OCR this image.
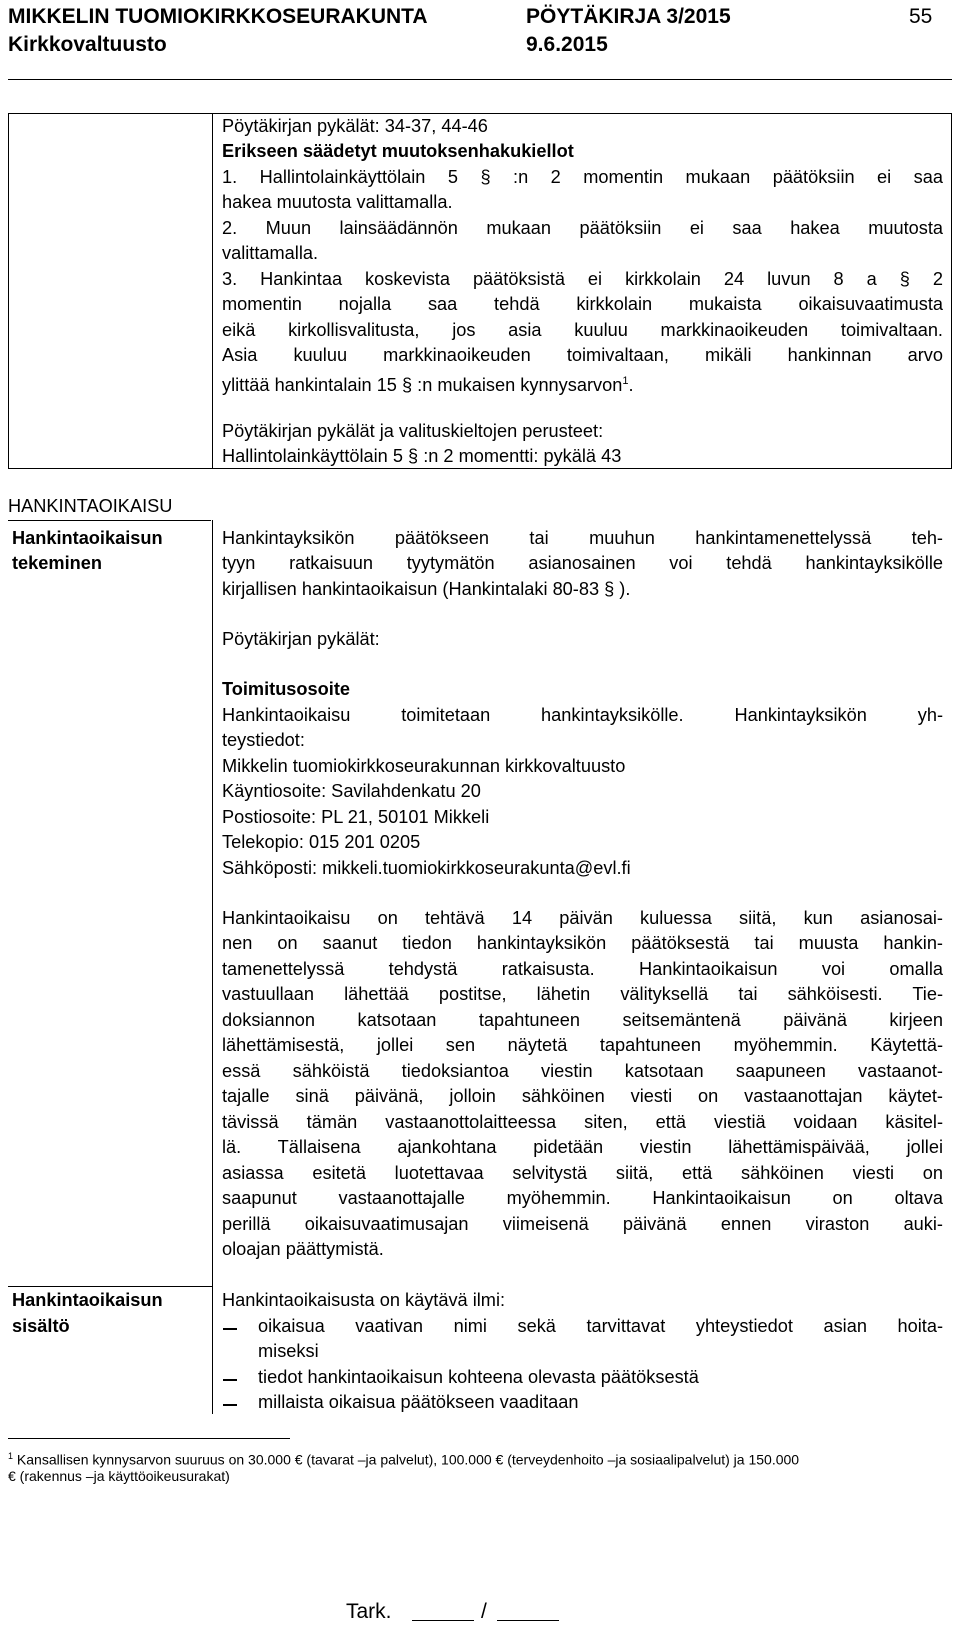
MIKKELIN TUOMIOKIRKKOSEURAKUNTA
Kirkkovaltuusto
PÖYTÄKIRJA 3/2015
9.6.2015
55
Pöytäkirjan pykälät: 34-37, 44-46
Erikseen säädetyt muutoksenhakukiellot
1. Hallintolainkäyttölain 5 § :n 2 momentin mukaan päätöksiin ei saa
hakea muutosta valittamalla.
2. Muun lainsäädännön mukaan päätöksiin ei saa hakea muutosta
valittamalla.
3. Hankintaa koskevista päätöksistä ei kirkkolain 24 luvun 8 a § 2
momentin nojalla saa tehdä kirkkolain mukaista oikaisuvaatimusta
eikä kirkollisvalitusta, jos asia kuuluu markkinaoikeuden toimivaltaan.
Asia kuuluu markkinaoikeuden toimivaltaan, mikäli hankinnan arvo
ylittää hankintalain 15 § :n mukaisen kynnysarvon$^1$.
Pöytäkirjan pykälät ja valituskieltojen perusteet:
Hallintolainkäyttölain 5 § :n 2 momentti: pykälä 43
HANKINTAOIKAISU
Hankintaoikaisun
tekeminen
Hankintayksikön päätökseen tai muuhun hankintamenettelyssä teh-
tyyn ratkaisuun tyytymätön asianosainen voi tehdä hankintayksikölle
kirjallisen hankintaoikaisun (Hankintalaki 80-83 § ).
Pöytäkirjan pykälät:
Toimitusosoite
Hankintaoikaisu toimitetaan hankintayksikölle. Hankintayksikön yh-
teystiedot:
Mikkelin tuomiokirkkoseurakunnan kirkkovaltuusto
Käyntiosoite: Savilahdenkatu 20
Postiosoite: PL 21, 50101 Mikkeli
Telekopio: 015 201 0205
Sähköposti: mikkeli.tuomiokirkkoseurakunta@evl.fi
Hankintaoikaisu on tehtävä 14 päivän kuluessa siitä, kun asianosai-
nen on saanut tiedon hankintayksikön päätöksestä tai muusta hankin-
tamenettelyssä tehdystä ratkaisusta. Hankintaoikaisun voi omalla
vastuullaan lähettää postitse, lähetin välityksellä tai sähköisesti. Tie-
doksiannon katsotaan tapahtuneen seitsemäntenä päivänä kirjeen
lähettämisestä, jollei sen näytetä tapahtuneen myöhemmin. Käytettä-
essä sähköistä tiedoksiantoa viestin katsotaan saapuneen vastaanot-
tajalle sinä päivänä, jolloin sähköinen viesti on vastaanottajan käytet-
tävissä tämän vastaanottolaitteessa siten, että viestiä voidaan käsitel-
lä. Tällaisena ajankohtana pidetään viestin lähettämispäivää, jollei
asiassa esitetä luotettavaa selvitystä siitä, että sähköinen viesti on
saapunut vastaanottajalle myöhemmin. Hankintaoikaisun on oltava
perillä oikaisuvaatimusajan viimeisenä päivänä ennen viraston auki-
oloajan päättymistä.
Hankintaoikaisun
sisältö
Hankintaoikaisusta on käytävä ilmi:
oikaisua vaativan nimi sekä tarvittavat yhteystiedot asian hoita-
miseksi
tiedot hankintaoikaisun kohteena olevasta päätöksestä
millaista oikaisua päätökseen vaaditaan
$^1$ Kansallisen kynnysarvon suuruus on 30.000 € (tavarat –ja palvelut), 100.000 € (terveydenhoito –ja sosiaalipalvelut) ja 150.000
€ (rakennus –ja käyttöoikeusurakat)
Tark.	/
